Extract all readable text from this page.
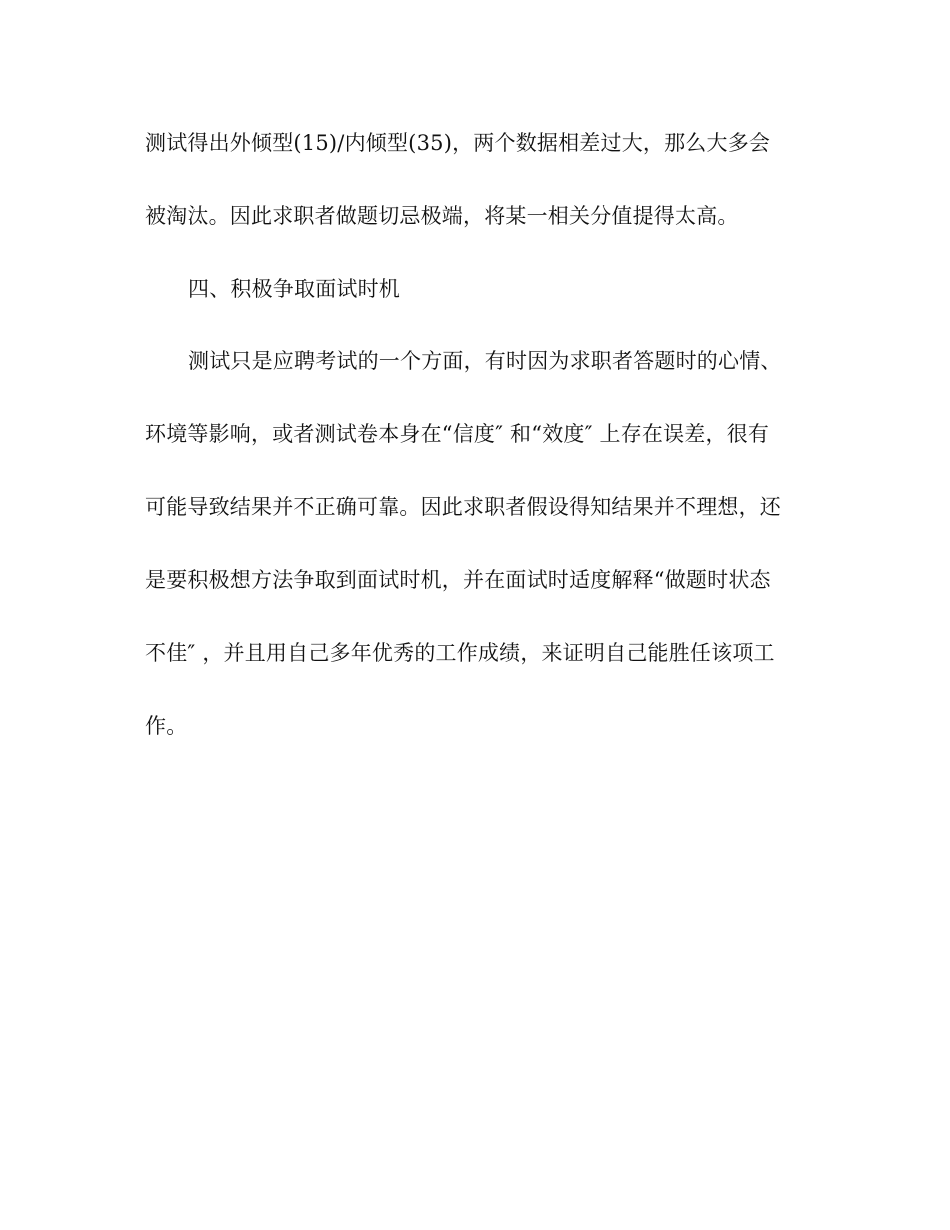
测试得出外倾型(15)/内倾型(35)，两个数据相差过大，那么大多会
被淘汰。因此求职者做题切忌极端，将某一相关分值提得太高。
四、积极争取面试时机
测试只是应聘考试的一个方面，有时因为求职者答题时的心情、
环境等影响，或者测试卷本身在“信度″ 和“效度″ 上存在误差，很有
可能导致结果并不正确可靠。因此求职者假设得知结果并不理想，还
是要积极想方法争取到面试时机，并在面试时适度解释“做题时状态
不佳″ ，并且用自己多年优秀的工作成绩，来证明自己能胜任该项工
作。
